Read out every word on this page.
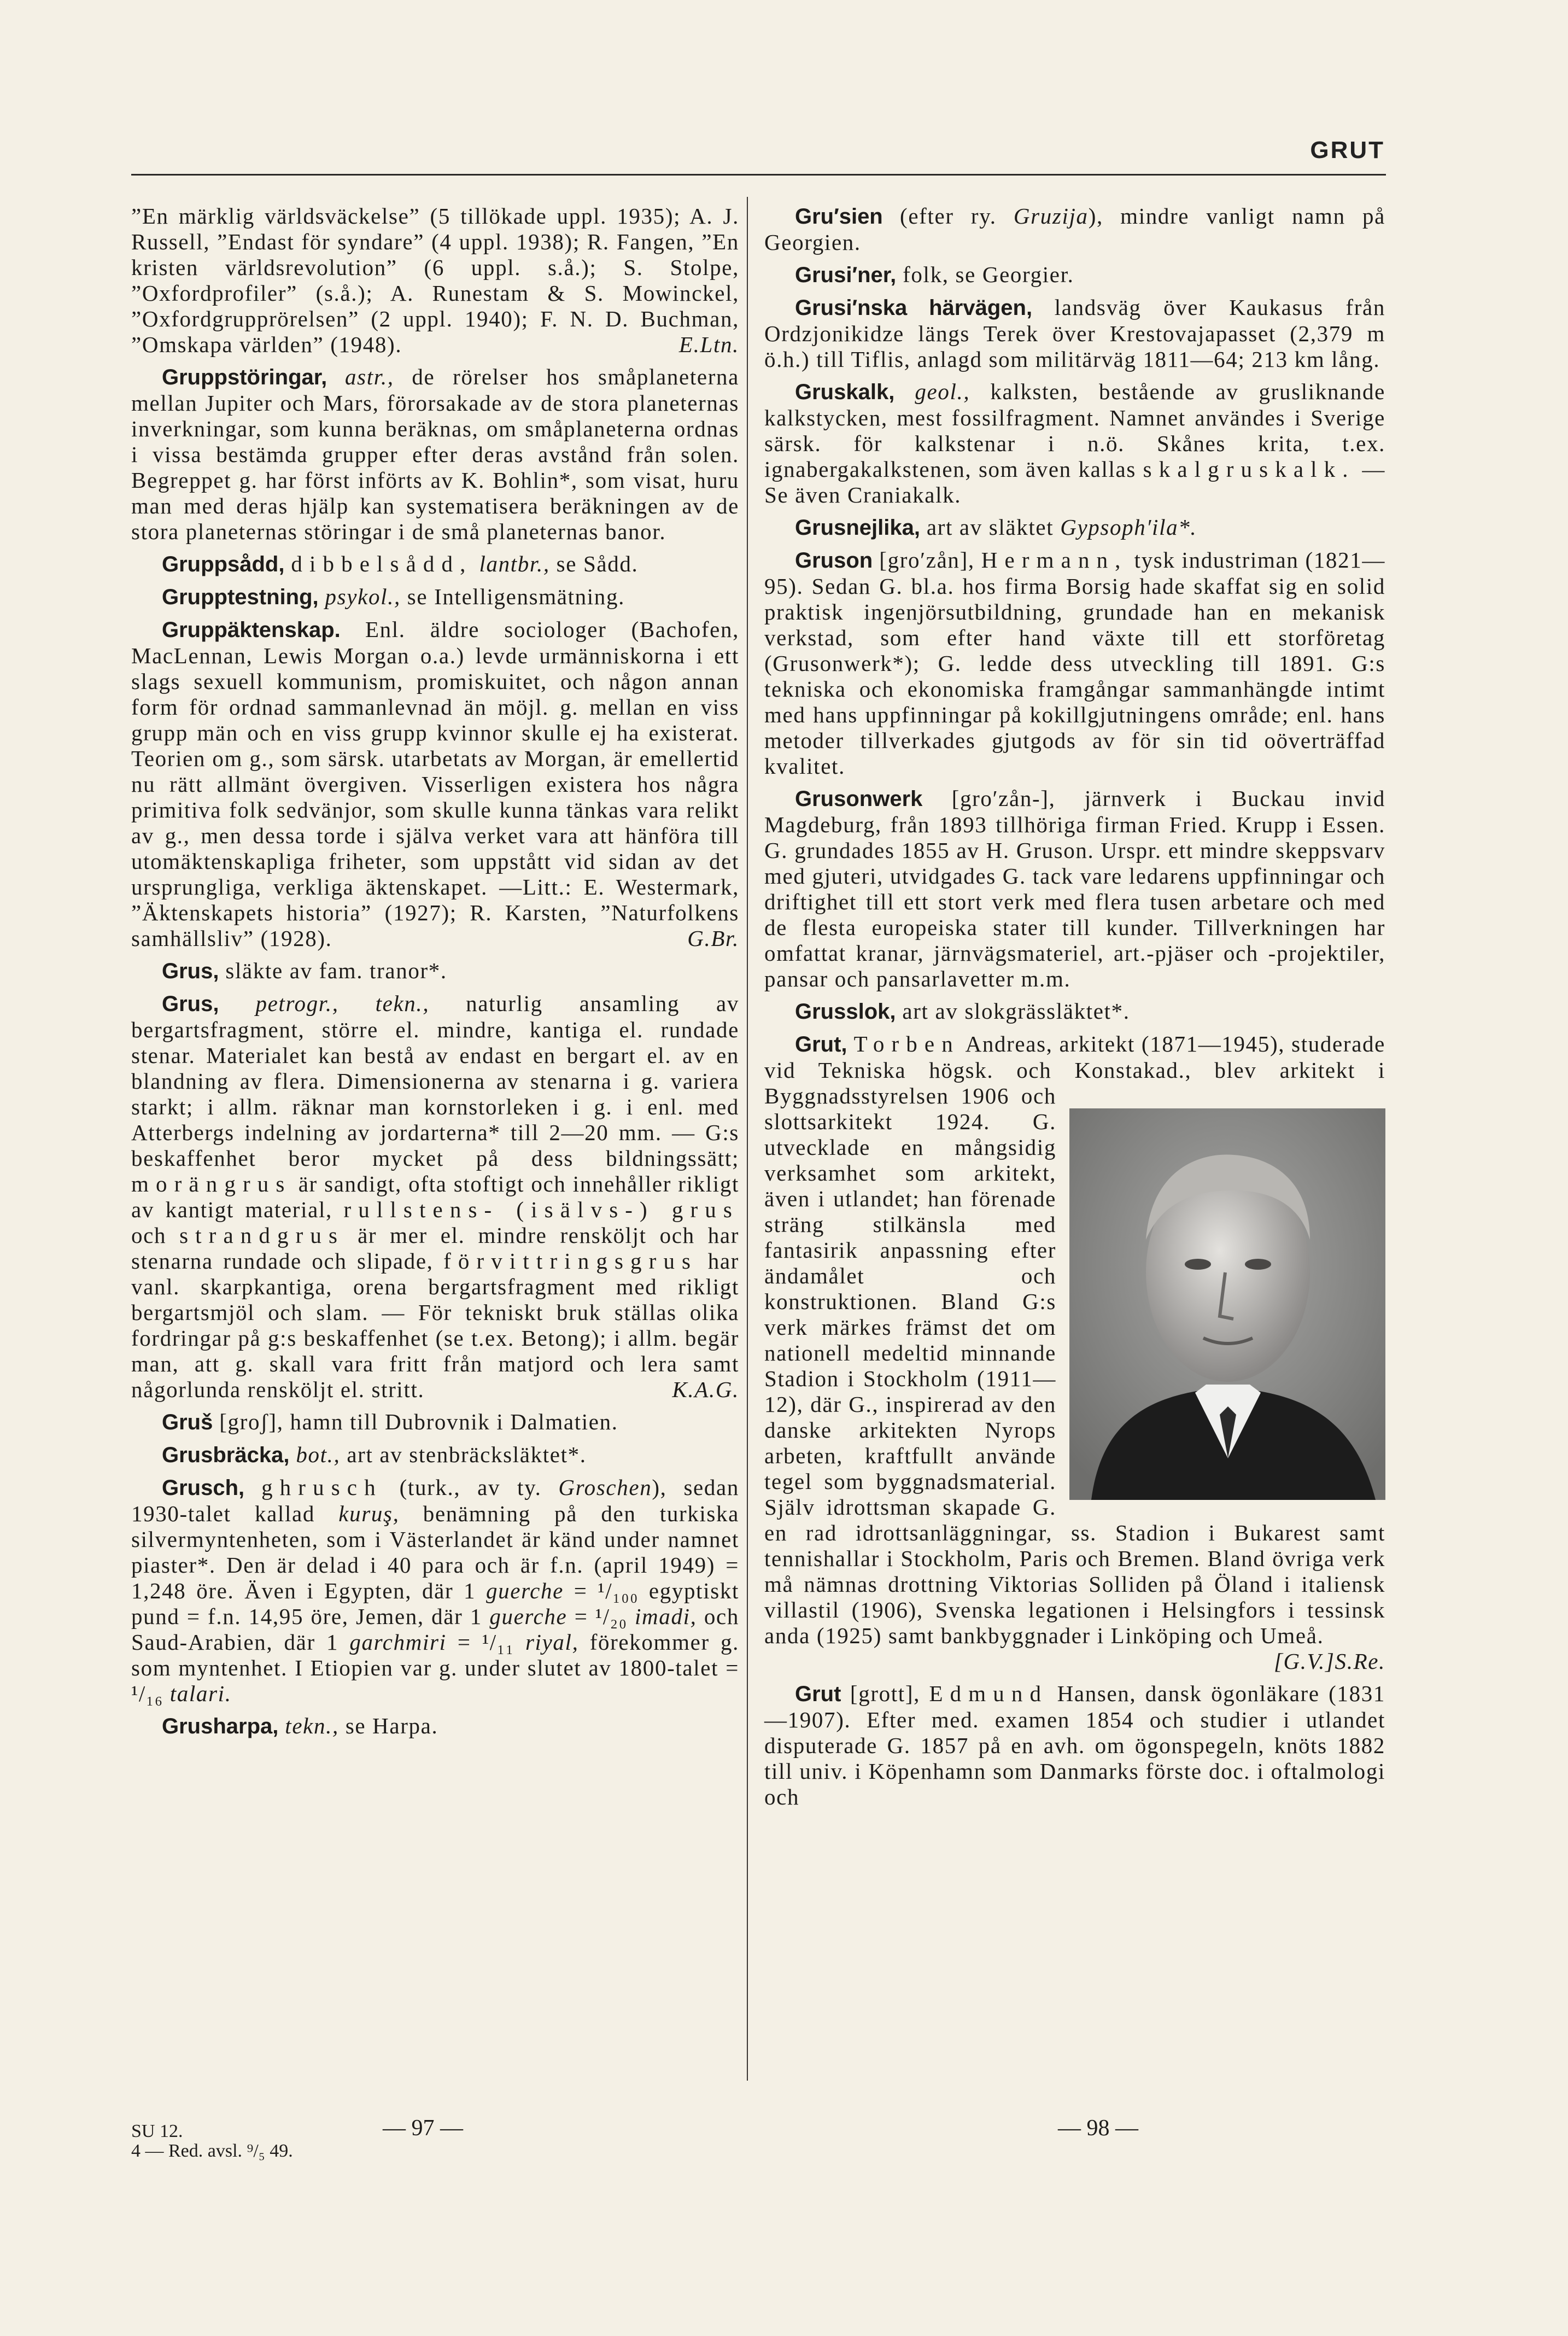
GRUT

”En märklig världsväckelse” (5 tillökade uppl. 1935); A. J. Russell, ”Endast för syndare” (4 uppl. 1938); R. Fangen, ”En kristen världsrevolution” (6 uppl. s.å.); S. Stolpe, ”Oxfordprofiler” (s.å.); A. Runestam & S. Mowinckel, ”Oxfordgrupprörelsen” (2 uppl. 1940); F. N. D. Buchman, ”Omskapa världen” (1948).	E.Ltn.

Gruppstöringar, astr., de rörelser hos småplaneterna mellan Jupiter och Mars, förorsakade av de stora planeternas inverkningar, som kunna beräknas, om småplaneterna ordnas i vissa bestämda grupper efter deras avstånd från solen. Begreppet g. har först införts av K. Bohlin*, som visat, huru man med deras hjälp kan systematisera beräkningen av de stora planeternas störingar i de små planeternas banor.

Gruppsådd, dibbelsådd, lantbr., se Sådd.

Grupptestning, psykol., se Intelligensmätning.

Gruppäktenskap. Enl. äldre sociologer (Bachofen, MacLennan, Lewis Morgan o.a.) levde urmänniskorna i ett slags sexuell kommunism, promiskuitet, och någon annan form för ordnad sammanlevnad än möjl. g. mellan en viss grupp män och en viss grupp kvinnor skulle ej ha existerat. Teorien om g., som särsk. utarbetats av Morgan, är emellertid nu rätt allmänt övergiven. Visserligen existera hos några primitiva folk sedvänjor, som skulle kunna tänkas vara relikt av g., men dessa torde i själva verket vara att hänföra till utomäktenskapliga friheter, som uppstått vid sidan av det ursprungliga, verkliga äktenskapet. —Litt.: E. Westermark, ”Äktenskapets historia” (1927); R. Karsten, ”Naturfolkens samhällsliv” (1928).	G.Br.

Grus, släkte av fam. tranor*.

Grus, petrogr., tekn., naturlig ansamling av bergartsfragment, större el. mindre, kantiga el. rundade stenar. Materialet kan bestå av endast en bergart el. av en blandning av flera. Dimensionerna av stenarna i g. variera starkt; i allm. räknar man kornstorleken i g. i enl. med Atterbergs indelning av jordarterna* till 2—20 mm. — G:s beskaffenhet beror mycket på dess bildningssätt; morängrus är sandigt, ofta stoftigt och innehåller rikligt av kantigt material, rullstens- (isälvs-) grus och strandgrus är mer el. mindre rensköljt och har stenarna rundade och slipade, förvittringsgrus har vanl. skarpkantiga, orena bergartsfragment med rikligt bergartsmjöl och slam. — För tekniskt bruk ställas olika fordringar på g:s beskaffenhet (se t.ex. Betong); i allm. begär man, att g. skall vara fritt från matjord och lera samt någorlunda rensköljt el. stritt.	K.A.G.

Gruš [groʃ], hamn till Dubrovnik i Dalmatien.

Grusbräcka, bot., art av stenbräcksläktet*.

Grusch, ghrusch (turk., av ty. Groschen), sedan 1930-talet kallad kuruş, benämning på den turkiska silvermyntenheten, som i Västerlandet är känd under namnet piaster*. Den är delad i 40 para och är f.n. (april 1949) = 1,248 öre. Även i Egypten, där 1 guerche = ¹/₁₀₀ egyptiskt pund = f.n. 14,95 öre, Jemen, där 1 guerche = ¹/₂₀ imadi, och Saud-Arabien, där 1 garchmiri = ¹/₁₁ riyal, förekommer g. som myntenhet. I Etiopien var g. under slutet av 1800-talet = ¹/₁₆ talari.

Grusharpa, tekn., se Harpa.

Gru′sien (efter ry. Gruzija), mindre vanligt namn på Georgien.

Grusi′ner, folk, se Georgier.

Grusi′nska härvägen, landsväg över Kaukasus från Ordzjonikidze längs Terek över Krestovajapasset (2,379 m ö.h.) till Tiflis, anlagd som militärväg 1811—64; 213 km lång.

Gruskalk, geol., kalksten, bestående av grusliknande kalkstycken, mest fossilfragment. Namnet användes i Sverige särsk. för kalkstenar i n.ö. Skånes krita, t.ex. ignabergakalkstenen, som även kallas skalgruskalk. — Se även Craniakalk.

Grusnejlika, art av släktet Gypsoph′ila*.

Gruson [gro′zån], Hermann, tysk industriman (1821—95). Sedan G. bl.a. hos firma Borsig hade skaffat sig en solid praktisk ingenjörsutbildning, grundade han en mekanisk verkstad, som efter hand växte till ett storföretag (Grusonwerk*); G. ledde dess utveckling till 1891. G:s tekniska och ekonomiska framgångar sammanhängde intimt med hans uppfinningar på kokillgjutningens område; enl. hans metoder tillverkades gjutgods av för sin tid oöverträffad kvalitet.

Grusonwerk [gro′zån-], järnverk i Buckau invid Magdeburg, från 1893 tillhöriga firman Fried. Krupp i Essen. G. grundades 1855 av H. Gruson. Urspr. ett mindre skeppsvarv med gjuteri, utvidgades G. tack vare ledarens uppfinningar och driftighet till ett stort verk med flera tusen arbetare och med de flesta europeiska stater till kunder. Tillverkningen har omfattat kranar, järnvägsmateriel, art.-pjäser och -projektiler, pansar och pansarlavetter m.m.

Grusslok, art av slokgrässläktet*.

Grut, Torben Andreas, arkitekt (1871—1945), studerade vid Tekniska högsk. och Konstakad., blev arkitekt i Byggnadsstyrelsen 1906 och slottsarkitekt 1924. G. utvecklade en mångsidig verksamhet som arkitekt, även i utlandet; han förenade sträng stilkänsla med fantasirik anpassning efter ändamålet och konstruktionen. Bland G:s verk märkes främst det om nationell medeltid minnande Stadion i Stockholm (1911—12), där G., inspirerad av den danske arkitekten Nyrops arbeten, kraftfullt använde tegel som byggnadsmaterial. Själv idrottsman skapade G. en rad idrottsanläggningar, ss. Stadion i Bukarest samt tennishallar i Stockholm, Paris och Bremen. Bland övriga verk må nämnas drottning Viktorias Solliden på Öland i italiensk villastil (1906), Svenska legationen i Helsingfors i tessinsk anda (1925) samt bankbyggnader i Linköping och Umeå.
[G.V.]S.Re.

Grut [grott], Edmund Hansen, dansk ögonläkare (1831—1907). Efter med. examen 1854 och studier i utlandet disputerade G. 1857 på en avh. om ögonspegeln, knöts 1882 till univ. i Köpenhamn som Danmarks förste doc. i oftalmologi och

SU 12.
4 — Red. avsl. ⁹/₅ 49.
— 97 —	— 98 —
